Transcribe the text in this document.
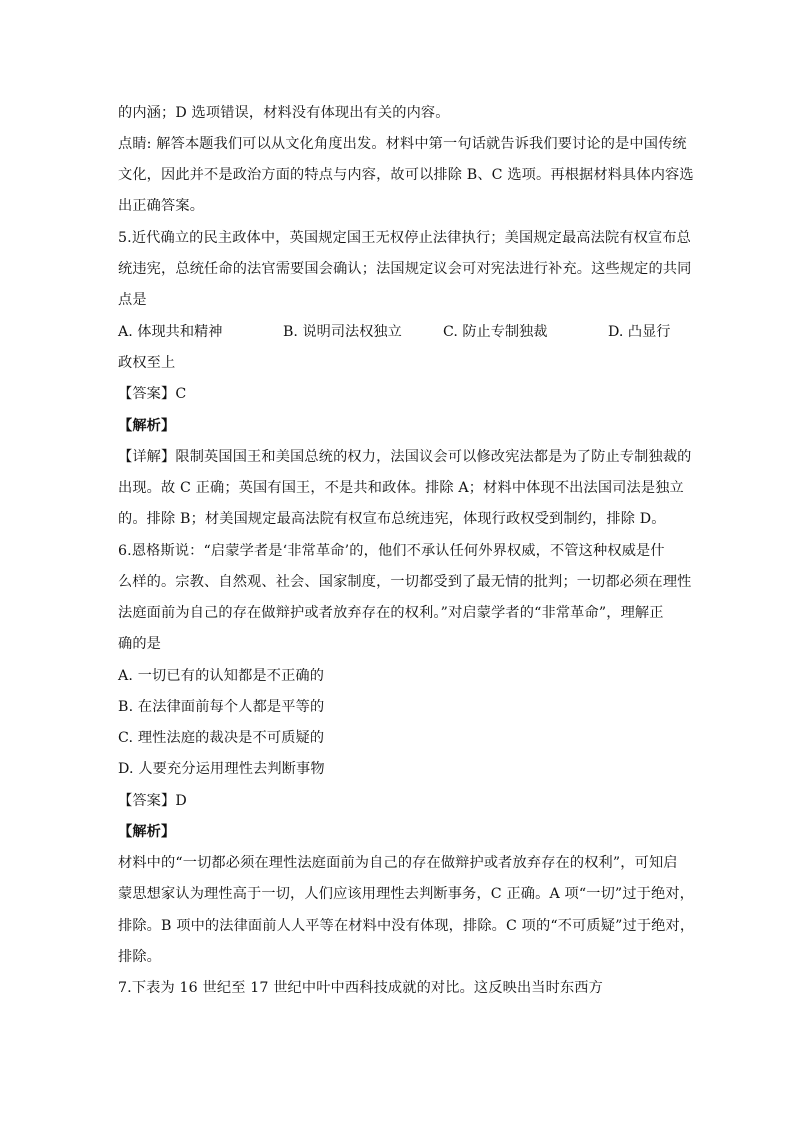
的内涵；D 选项错误，材料没有体现出有关的内容。
点睛: 解答本题我们可以从文化角度出发。材料中第一句话就告诉我们要讨论的是中国传统
文化，因此并不是政治方面的特点与内容，故可以排除 B、C 选项。再根据材料具体内容选
出正确答案。
5.近代确立的民主政体中，英国规定国王无权停止法律执行；美国规定最高法院有权宣布总
统违宪，总统任命的法官需要国会确认；法国规定议会可对宪法进行补充。这些规定的共同
点是
A. 体现共和精神	B. 说明司法权独立	C. 防止专制独裁	D. 凸显行
政权至上
【答案】C
【解析】
【详解】限制英国国王和美国总统的权力，法国议会可以修改宪法都是为了防止专制独裁的
出现。故 C 正确；英国有国王，不是共和政体。排除 A；材料中体现不出法国司法是独立
的。排除 B；材美国规定最高法院有权宣布总统违宪，体现行政权受到制约，排除 D。
6.恩格斯说：“启蒙学者是‘非常革命’的，他们不承认任何外界权威，不管这种权威是什
么样的。宗教、自然观、社会、国家制度，一切都受到了最无情的批判；一切都必须在理性
法庭面前为自己的存在做辩护或者放弃存在的权利。”对启蒙学者的“非常革命”，理解正
确的是
A. 一切已有的认知都是不正确的
B. 在法律面前每个人都是平等的
C. 理性法庭的裁决是不可质疑的
D. 人要充分运用理性去判断事物
【答案】D
【解析】
材料中的“一切都必须在理性法庭面前为自己的存在做辩护或者放弃存在的权利”，可知启
蒙思想家认为理性高于一切，人们应该用理性去判断事务，C 正确。A 项“一切”过于绝对，
排除。B 项中的法律面前人人平等在材料中没有体现，排除。C 项的“不可质疑”过于绝对，
排除。
7.下表为 16 世纪至 17 世纪中叶中西科技成就的对比。这反映出当时东西方
